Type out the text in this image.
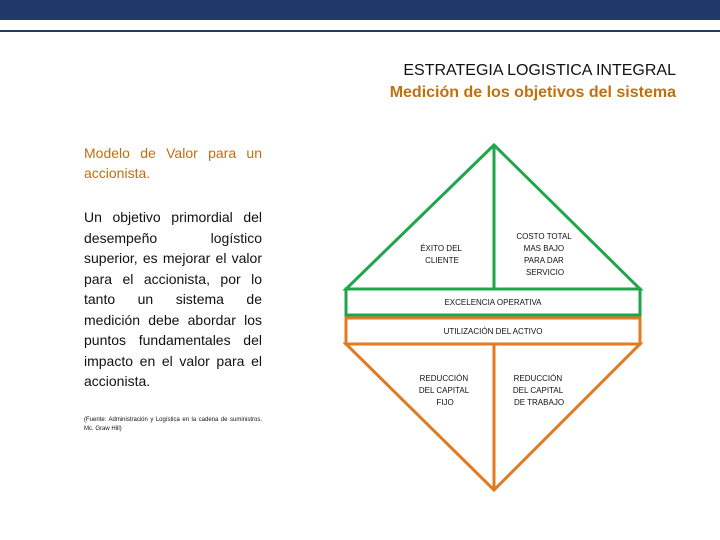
ESTRATEGIA LOGISTICA INTEGRAL
Medición de los objetivos del sistema
Modelo de Valor para un accionista.
Un objetivo primordial del desempeño logístico superior, es mejorar el valor para el accionista, por lo tanto un sistema de medición debe abordar los puntos fundamentales del impacto en el valor para el accionista.
(Fuente: Administración y Logística en la cadena de suministros. Mc. Graw Hill)
ÉXITO DEL CLIENTE
COSTO TOTAL MAS BAJO PARA DAR SERVICIO
EXCELENCIA OPERATIVA
UTILIZACIÓN DEL ACTIVO
REDUCCIÓN DEL CAPITAL FIJO
REDUCCIÓN DEL CAPITAL DE TRABAJO
